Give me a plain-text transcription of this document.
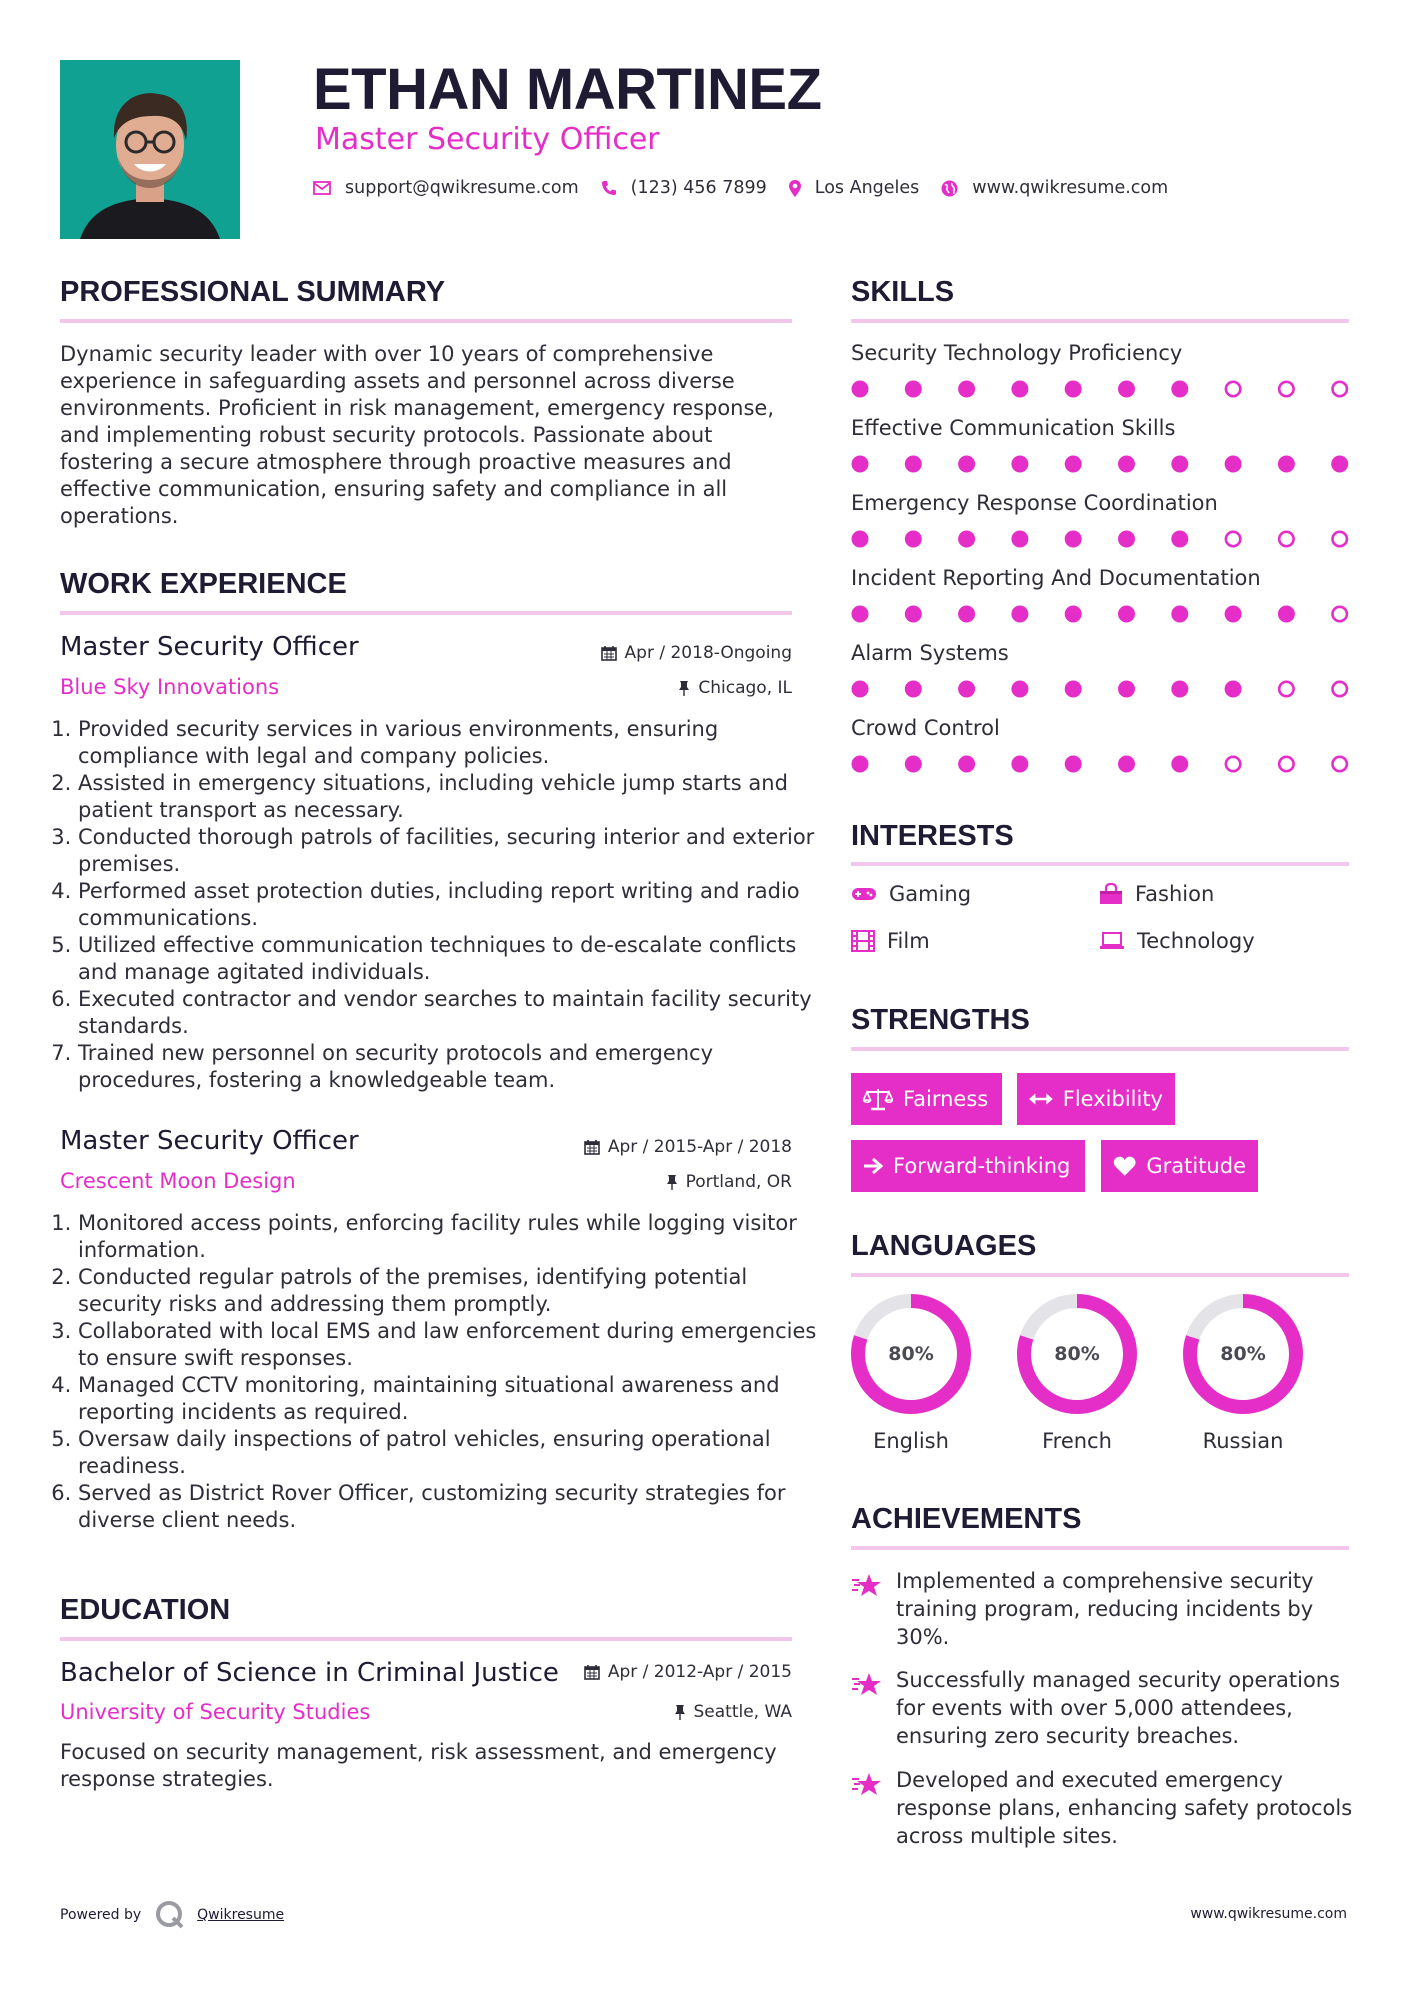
ETHAN MARTINEZ
Master Security Officer
support@qwikresume.com	(123) 456 7899	Los Angeles	www.qwikresume.com
PROFESSIONAL SUMMARY
Dynamic security leader with over 10 years of comprehensive experience in safeguarding assets and personnel across diverse environments. Proficient in risk management, emergency response, and implementing robust security protocols. Passionate about fostering a secure atmosphere through proactive measures and effective communication, ensuring safety and compliance in all operations.
WORK EXPERIENCE
Master Security Officer	Apr / 2018-Ongoing
Blue Sky Innovations	Chicago, IL
1. Provided security services in various environments, ensuring compliance with legal and company policies.
2. Assisted in emergency situations, including vehicle jump starts and patient transport as necessary.
3. Conducted thorough patrols of facilities, securing interior and exterior premises.
4. Performed asset protection duties, including report writing and radio communications.
5. Utilized effective communication techniques to de-escalate conflicts and manage agitated individuals.
6. Executed contractor and vendor searches to maintain facility security standards.
7. Trained new personnel on security protocols and emergency procedures, fostering a knowledgeable team.
Master Security Officer	Apr / 2015-Apr / 2018
Crescent Moon Design	Portland, OR
1. Monitored access points, enforcing facility rules while logging visitor information.
2. Conducted regular patrols of the premises, identifying potential security risks and addressing them promptly.
3. Collaborated with local EMS and law enforcement during emergencies to ensure swift responses.
4. Managed CCTV monitoring, maintaining situational awareness and reporting incidents as required.
5. Oversaw daily inspections of patrol vehicles, ensuring operational readiness.
6. Served as District Rover Officer, customizing security strategies for diverse client needs.
EDUCATION
Bachelor of Science in Criminal Justice	Apr / 2012-Apr / 2015
University of Security Studies	Seattle, WA
Focused on security management, risk assessment, and emergency response strategies.
SKILLS
Security Technology Proficiency
Effective Communication Skills
Emergency Response Coordination
Incident Reporting And Documentation
Alarm Systems
Crowd Control
INTERESTS
Gaming	Fashion
Film	Technology
STRENGTHS
Fairness	Flexibility
Forward-thinking	Gratitude
LANGUAGES
80%
English
80%
French
80%
Russian
ACHIEVEMENTS
Implemented a comprehensive security training program, reducing incidents by 30%.
Successfully managed security operations for events with over 5,000 attendees, ensuring zero security breaches.
Developed and executed emergency response plans, enhancing safety protocols across multiple sites.
Powered by	Qwikresume	www.qwikresume.com
